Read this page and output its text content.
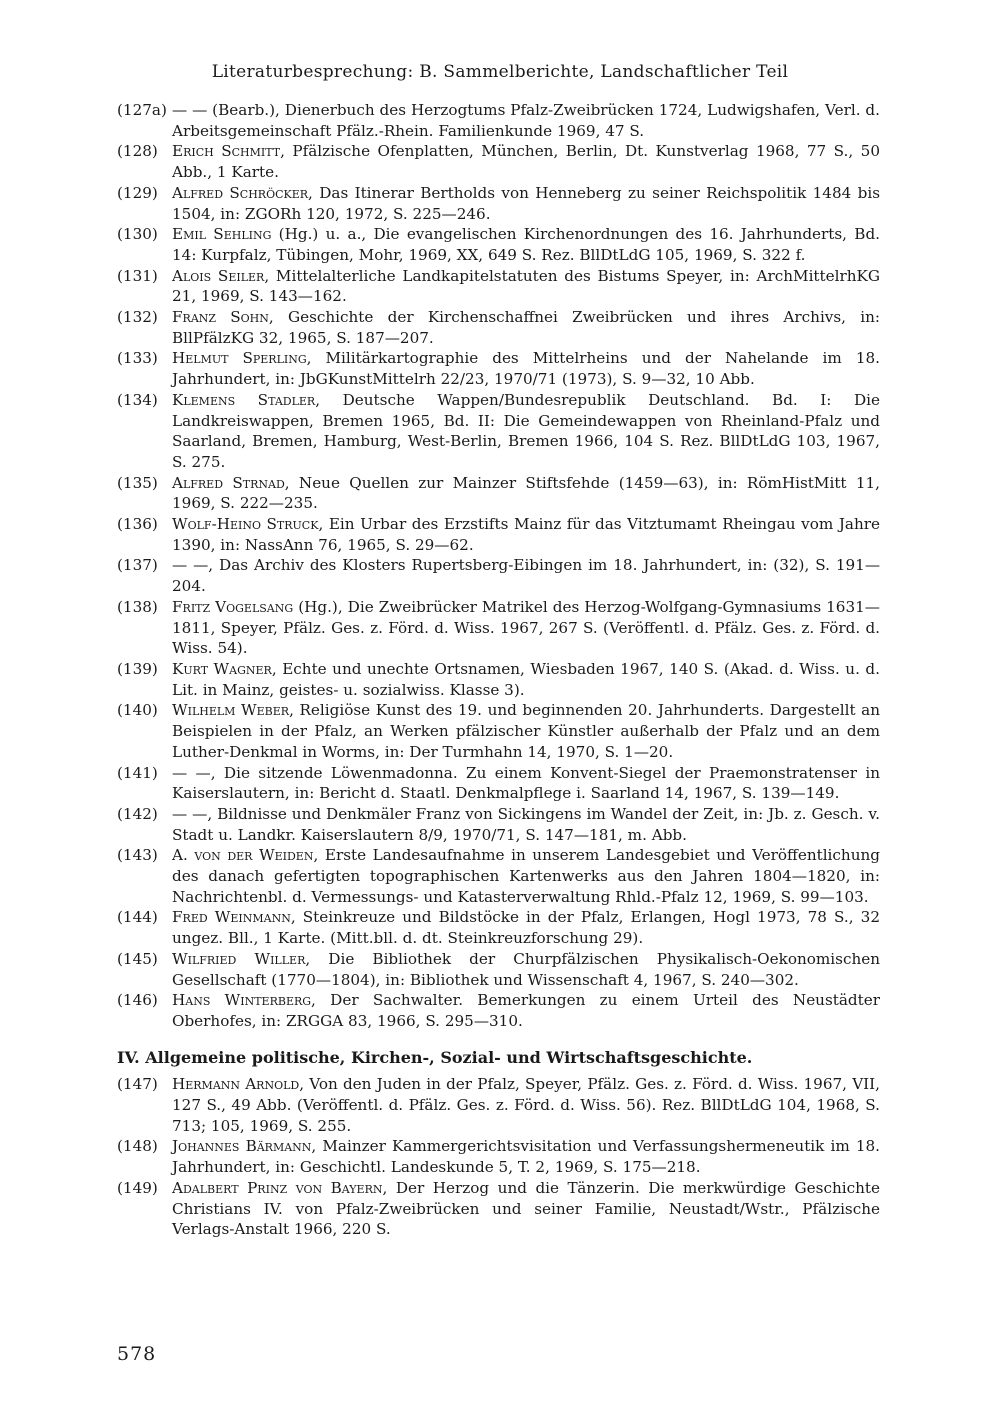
Literaturbesprechung: B. Sammelberichte, Landschaftlicher Teil
(127a) — — (Bearb.), Dienerbuch des Herzogtums Pfalz-Zweibrücken 1724, Ludwigshafen, Verl. d. Arbeitsgemeinschaft Pfälz.-Rhein. Familienkunde 1969, 47 S.
(128) Erich Schmitt, Pfälzische Ofenplatten, München, Berlin, Dt. Kunstverlag 1968, 77 S., 50 Abb., 1 Karte.
(129) Alfred Schröcker, Das Itinerar Bertholds von Henneberg zu seiner Reichspolitik 1484 bis 1504, in: ZGORh 120, 1972, S. 225—246.
(130) Emil Sehling (Hg.) u. a., Die evangelischen Kirchenordnungen des 16. Jahrhunderts, Bd. 14: Kurpfalz, Tübingen, Mohr, 1969, XX, 649 S. Rez. BllDtLdG 105, 1969, S. 322 f.
(131) Alois Seiler, Mittelalterliche Landkapitelstatuten des Bistums Speyer, in: ArchMittelrhKG 21, 1969, S. 143—162.
(132) Franz Sohn, Geschichte der Kirchenschaffnei Zweibrücken und ihres Archivs, in: BllPfälzKG 32, 1965, S. 187—207.
(133) Helmut Sperling, Militärkartographie des Mittelrheins und der Nahelande im 18. Jahrhundert, in: JbGKunstMittelrh 22/23, 1970/71 (1973), S. 9—32, 10 Abb.
(134) Klemens Stadler, Deutsche Wappen/Bundesrepublik Deutschland. Bd. I: Die Landkreiswappen, Bremen 1965, Bd. II: Die Gemeindewappen von Rheinland-Pfalz und Saarland, Bremen, Hamburg, West-Berlin, Bremen 1966, 104 S. Rez. BllDtLdG 103, 1967, S. 275.
(135) Alfred Strnad, Neue Quellen zur Mainzer Stiftsfehde (1459—63), in: RömHistMitt 11, 1969, S. 222—235.
(136) Wolf-Heino Struck, Ein Urbar des Erzstifts Mainz für das Vitztumamt Rheingau vom Jahre 1390, in: NassAnn 76, 1965, S. 29—62.
(137) — —, Das Archiv des Klosters Rupertsberg-Eibingen im 18. Jahrhundert, in: (32), S. 191—204.
(138) Fritz Vogelsang (Hg.), Die Zweibrücker Matrikel des Herzog-Wolfgang-Gymnasiums 1631—1811, Speyer, Pfälz. Ges. z. Förd. d. Wiss. 1967, 267 S. (Veröffentl. d. Pfälz. Ges. z. Förd. d. Wiss. 54).
(139) Kurt Wagner, Echte und unechte Ortsnamen, Wiesbaden 1967, 140 S. (Akad. d. Wiss. u. d. Lit. in Mainz, geistes- u. sozialwiss. Klasse 3).
(140) Wilhelm Weber, Religiöse Kunst des 19. und beginnenden 20. Jahrhunderts. Dargestellt an Beispielen in der Pfalz, an Werken pfälzischer Künstler außerhalb der Pfalz und an dem Luther-Denkmal in Worms, in: Der Turmhahn 14, 1970, S. 1—20.
(141) — —, Die sitzende Löwenmadonna. Zu einem Konvent-Siegel der Praemonstratenser in Kaiserslautern, in: Bericht d. Staatl. Denkmalpflege i. Saarland 14, 1967, S. 139—149.
(142) — —, Bildnisse und Denkmäler Franz von Sickingens im Wandel der Zeit, in: Jb. z. Gesch. v. Stadt u. Landkr. Kaiserslautern 8/9, 1970/71, S. 147—181, m. Abb.
(143) A. von der Weiden, Erste Landesaufnahme in unserem Landesgebiet und Veröffentlichung des danach gefertigten topographischen Kartenwerks aus den Jahren 1804—1820, in: Nachrichtenbl. d. Vermessungs- und Katasterverwaltung Rhld.-Pfalz 12, 1969, S. 99—103.
(144) Fred Weinmann, Steinkreuze und Bildstöcke in der Pfalz, Erlangen, Hogl 1973, 78 S., 32 ungez. Bll., 1 Karte. (Mitt.bll. d. dt. Steinkreuzforschung 29).
(145) Wilfried Willer, Die Bibliothek der Churpfälzischen Physikalisch-Oekonomischen Gesellschaft (1770—1804), in: Bibliothek und Wissenschaft 4, 1967, S. 240—302.
(146) Hans Winterberg, Der Sachwalter. Bemerkungen zu einem Urteil des Neustädter Oberhofes, in: ZRGGA 83, 1966, S. 295—310.
IV. Allgemeine politische, Kirchen-, Sozial- und Wirtschaftsgeschichte.
(147) Hermann Arnold, Von den Juden in der Pfalz, Speyer, Pfälz. Ges. z. Förd. d. Wiss. 1967, VII, 127 S., 49 Abb. (Veröffentl. d. Pfälz. Ges. z. Förd. d. Wiss. 56). Rez. BllDtLdG 104, 1968, S. 713; 105, 1969, S. 255.
(148) Johannes Bärmann, Mainzer Kammergerichtsvisitation und Verfassungshermeneutik im 18. Jahrhundert, in: Geschichtl. Landeskunde 5, T. 2, 1969, S. 175—218.
(149) Adalbert Prinz von Bayern, Der Herzog und die Tänzerin. Die merkwürdige Geschichte Christians IV. von Pfalz-Zweibrücken und seiner Familie, Neustadt/Wstr., Pfälzische Verlags-Anstalt 1966, 220 S.
578
